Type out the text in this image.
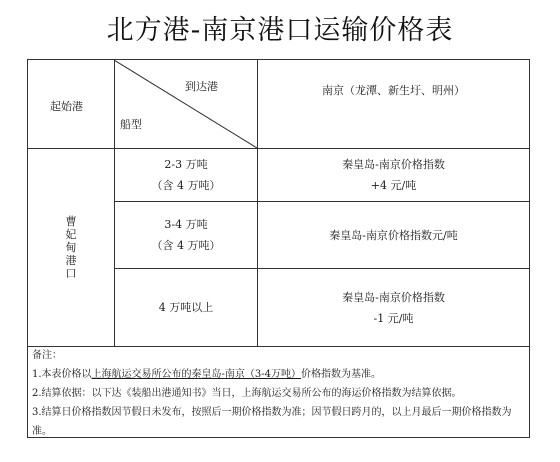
北方港-南京港口运输价格表
起始港
到达港
船型
南京（龙潭、新生圩、明州）
曹妃甸港口
2-3 万吨
（含 4 万吨）
秦皇岛-南京价格指数
+4 元/吨
3-4 万吨
（含 4 万吨）
秦皇岛-南京价格指数元/吨
4 万吨以上
秦皇岛-南京价格指数
-1 元/吨

备注：

1.本表价格以上海航运交易所公布的秦皇岛-南京（3-4万吨）价格指数为基准。

2.结算依据：以下达《装船出港通知书》当日，上海航运交易所公布的海运价格指数为结算依据。

3.结算日价格指数因节假日未发布，按照后一期价格指数为准；因节假日跨月的，以上月最后一期价格指数为准。
